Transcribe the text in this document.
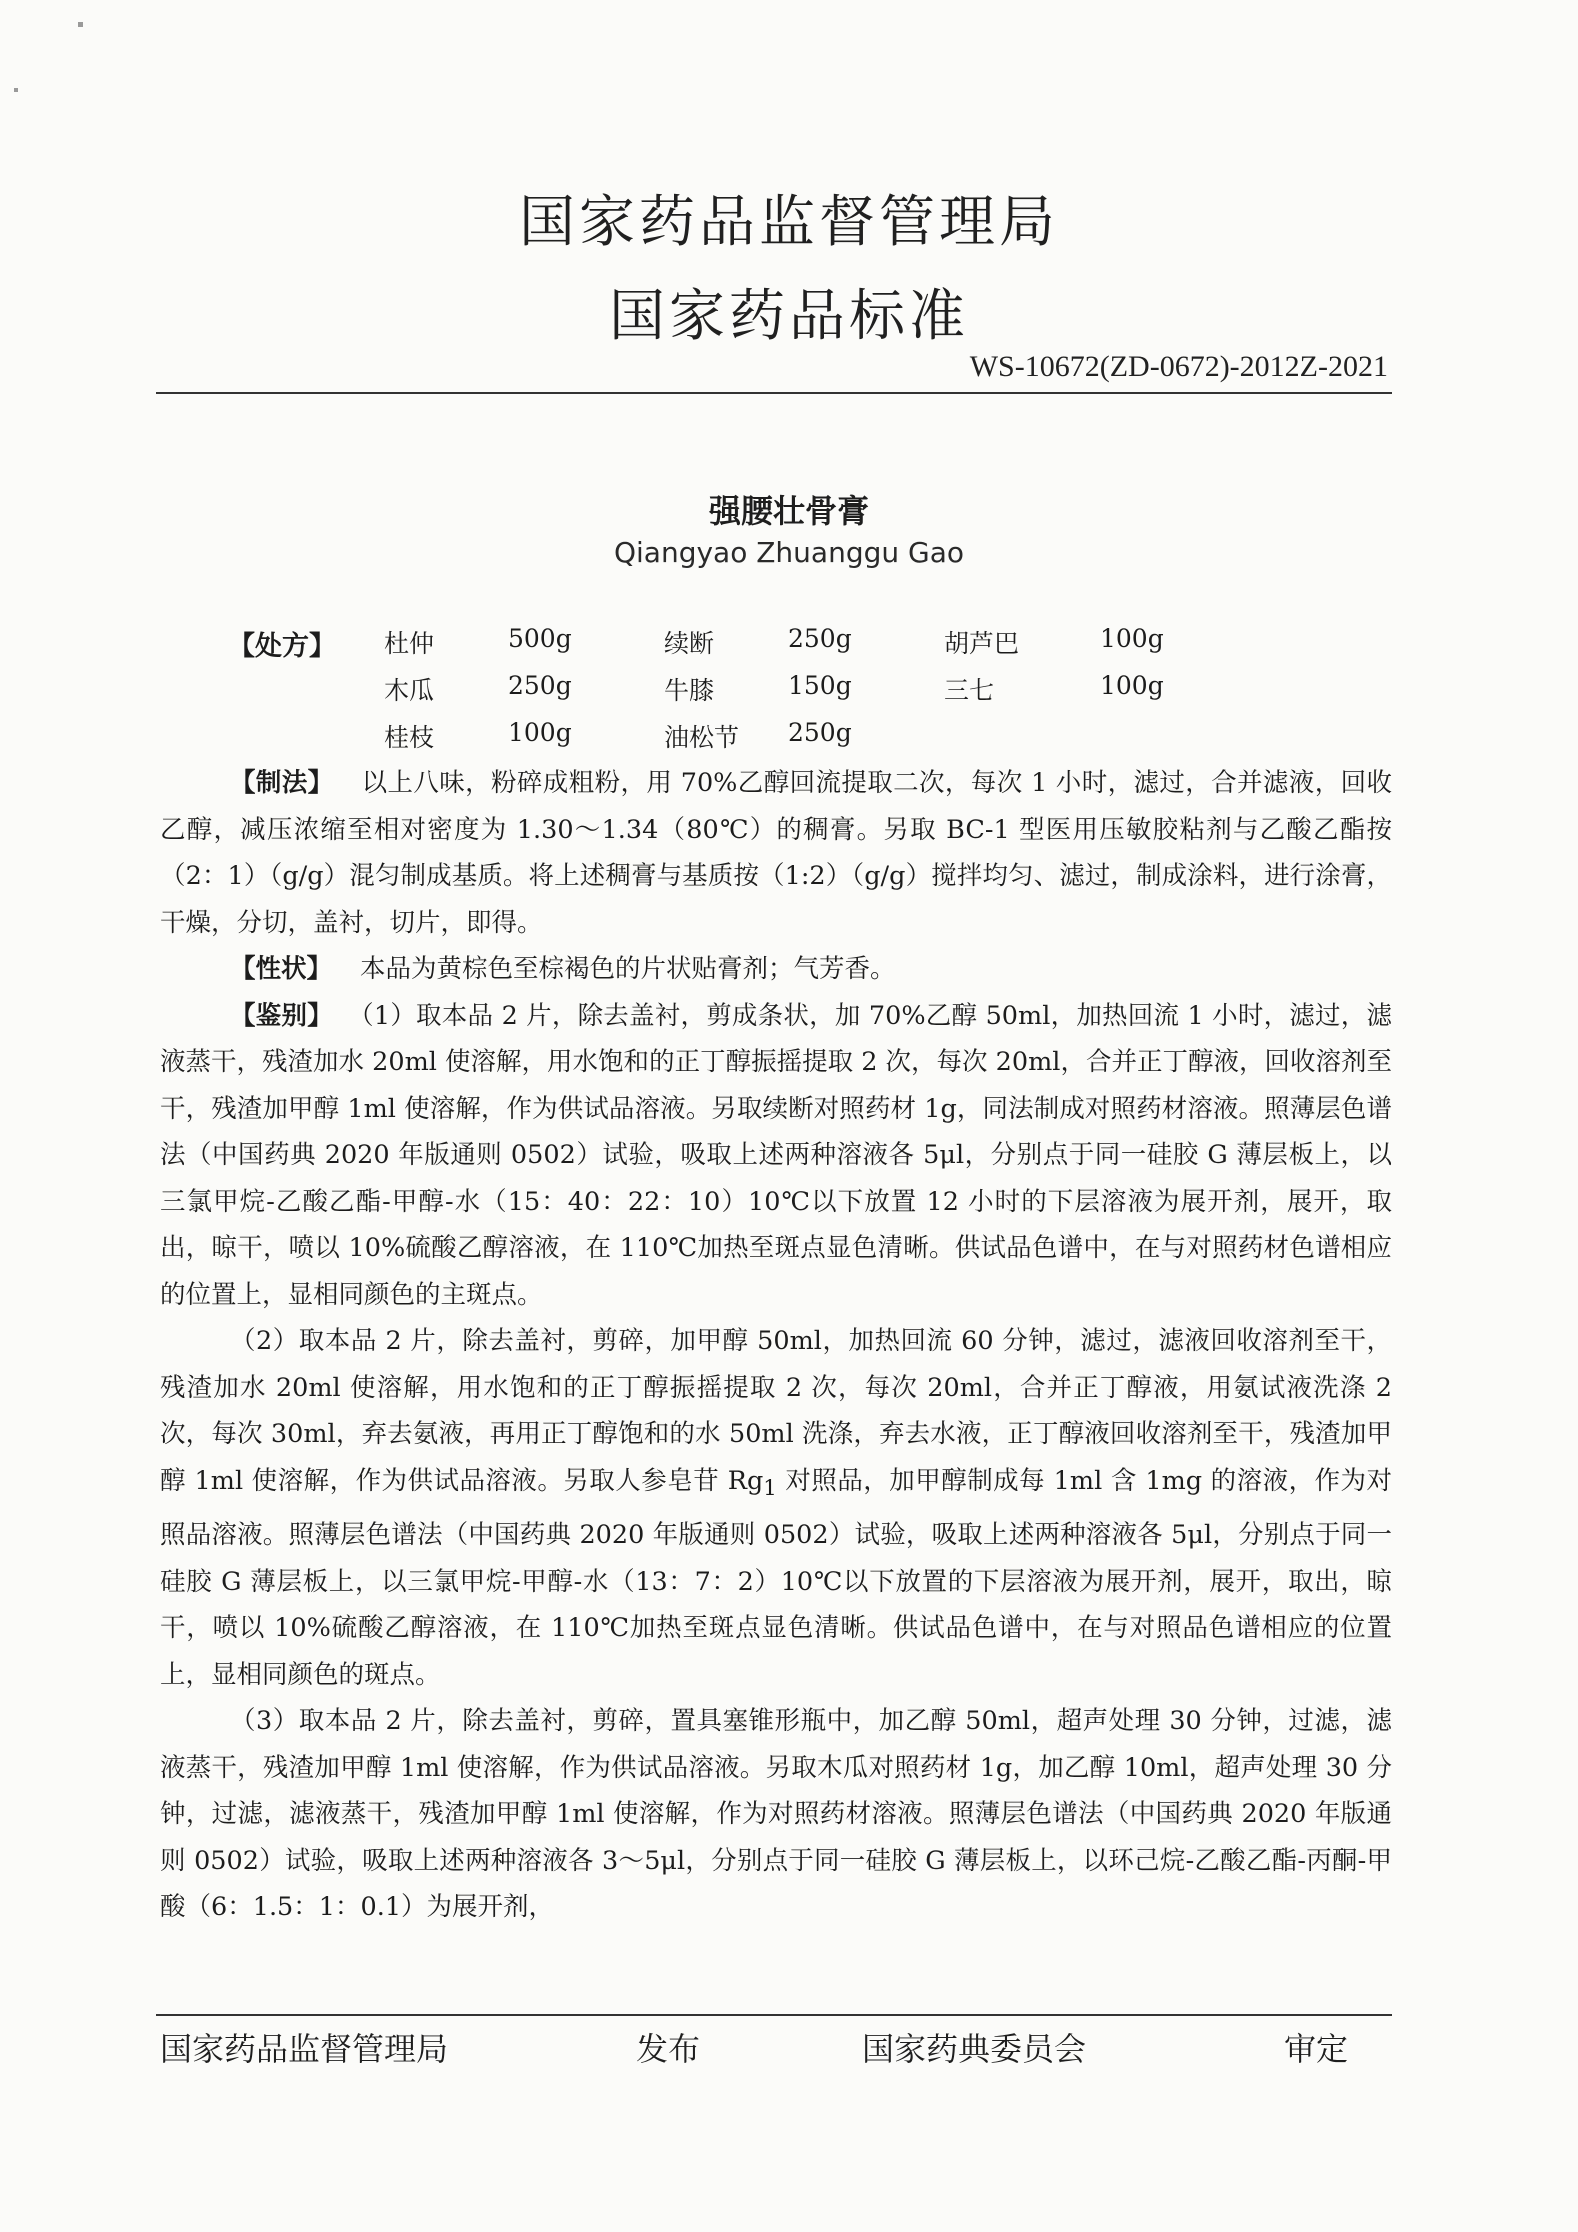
国家药品监督管理局
国家药品标准
WS-10672(ZD-0672)-2012Z-2021
强腰壮骨膏
Qiangyao Zhuanggu Gao
【处方】	杜仲	500g	续断	250g	胡芦巴	100g
木瓜	250g	牛膝	150g	三七	100g
桂枝	100g	油松节	250g

【制法】 以上八味，粉碎成粗粉，用 70%乙醇回流提取二次，每次 1 小时，滤过，合并滤液，回收乙醇，减压浓缩至相对密度为 1.30～1.34（80℃）的稠膏。另取 BC-1 型医用压敏胶粘剂与乙酸乙酯按（2：1）（g/g）混匀制成基质。将上述稠膏与基质按（1:2）（g/g）搅拌均匀、滤过，制成涂料，进行涂膏，干燥，分切，盖衬，切片，即得。

【性状】 本品为黄棕色至棕褐色的片状贴膏剂；气芳香。

【鉴别】 （1）取本品 2 片，除去盖衬，剪成条状，加 70%乙醇 50ml，加热回流 1 小时，滤过，滤液蒸干，残渣加水 20ml 使溶解，用水饱和的正丁醇振摇提取 2 次，每次 20ml，合并正丁醇液，回收溶剂至干，残渣加甲醇 1ml 使溶解，作为供试品溶液。另取续断对照药材 1g，同法制成对照药材溶液。照薄层色谱法（中国药典 2020 年版通则 0502）试验，吸取上述两种溶液各 5μl，分别点于同一硅胶 G 薄层板上，以三氯甲烷-乙酸乙酯-甲醇-水（15：40：22：10）10℃以下放置 12 小时的下层溶液为展开剂，展开，取出，晾干，喷以 10%硫酸乙醇溶液，在 110℃加热至斑点显色清晰。供试品色谱中，在与对照药材色谱相应的位置上，显相同颜色的主斑点。

（2）取本品 2 片，除去盖衬，剪碎，加甲醇 50ml，加热回流 60 分钟，滤过，滤液回收溶剂至干，残渣加水 20ml 使溶解，用水饱和的正丁醇振摇提取 2 次，每次 20ml，合并正丁醇液，用氨试液洗涤 2 次，每次 30ml，弃去氨液，再用正丁醇饱和的水 50ml 洗涤，弃去水液，正丁醇液回收溶剂至干，残渣加甲醇 1ml 使溶解，作为供试品溶液。另取人参皂苷 $Rg_1$ 对照品，加甲醇制成每 1ml 含 1mg 的溶液，作为对照品溶液。照薄层色谱法（中国药典 2020 年版通则 0502）试验，吸取上述两种溶液各 5μl，分别点于同一硅胶 G 薄层板上，以三氯甲烷-甲醇-水（13：7：2）10℃以下放置的下层溶液为展开剂，展开，取出，晾干，喷以 10%硫酸乙醇溶液，在 110℃加热至斑点显色清晰。供试品色谱中，在与对照品色谱相应的位置上，显相同颜色的斑点。

（3）取本品 2 片，除去盖衬，剪碎，置具塞锥形瓶中，加乙醇 50ml，超声处理 30 分钟，过滤，滤液蒸干，残渣加甲醇 1ml 使溶解，作为供试品溶液。另取木瓜对照药材 1g，加乙醇 10ml，超声处理 30 分钟，过滤，滤液蒸干，残渣加甲醇 1ml 使溶解，作为对照药材溶液。照薄层色谱法（中国药典 2020 年版通则 0502）试验，吸取上述两种溶液各 3～5μl，分别点于同一硅胶 G 薄层板上，以环己烷-乙酸乙酯-丙酮-甲酸（6：1.5：1：0.1）为展开剂，

国家药品监督管理局	发布	国家药典委员会	审定
